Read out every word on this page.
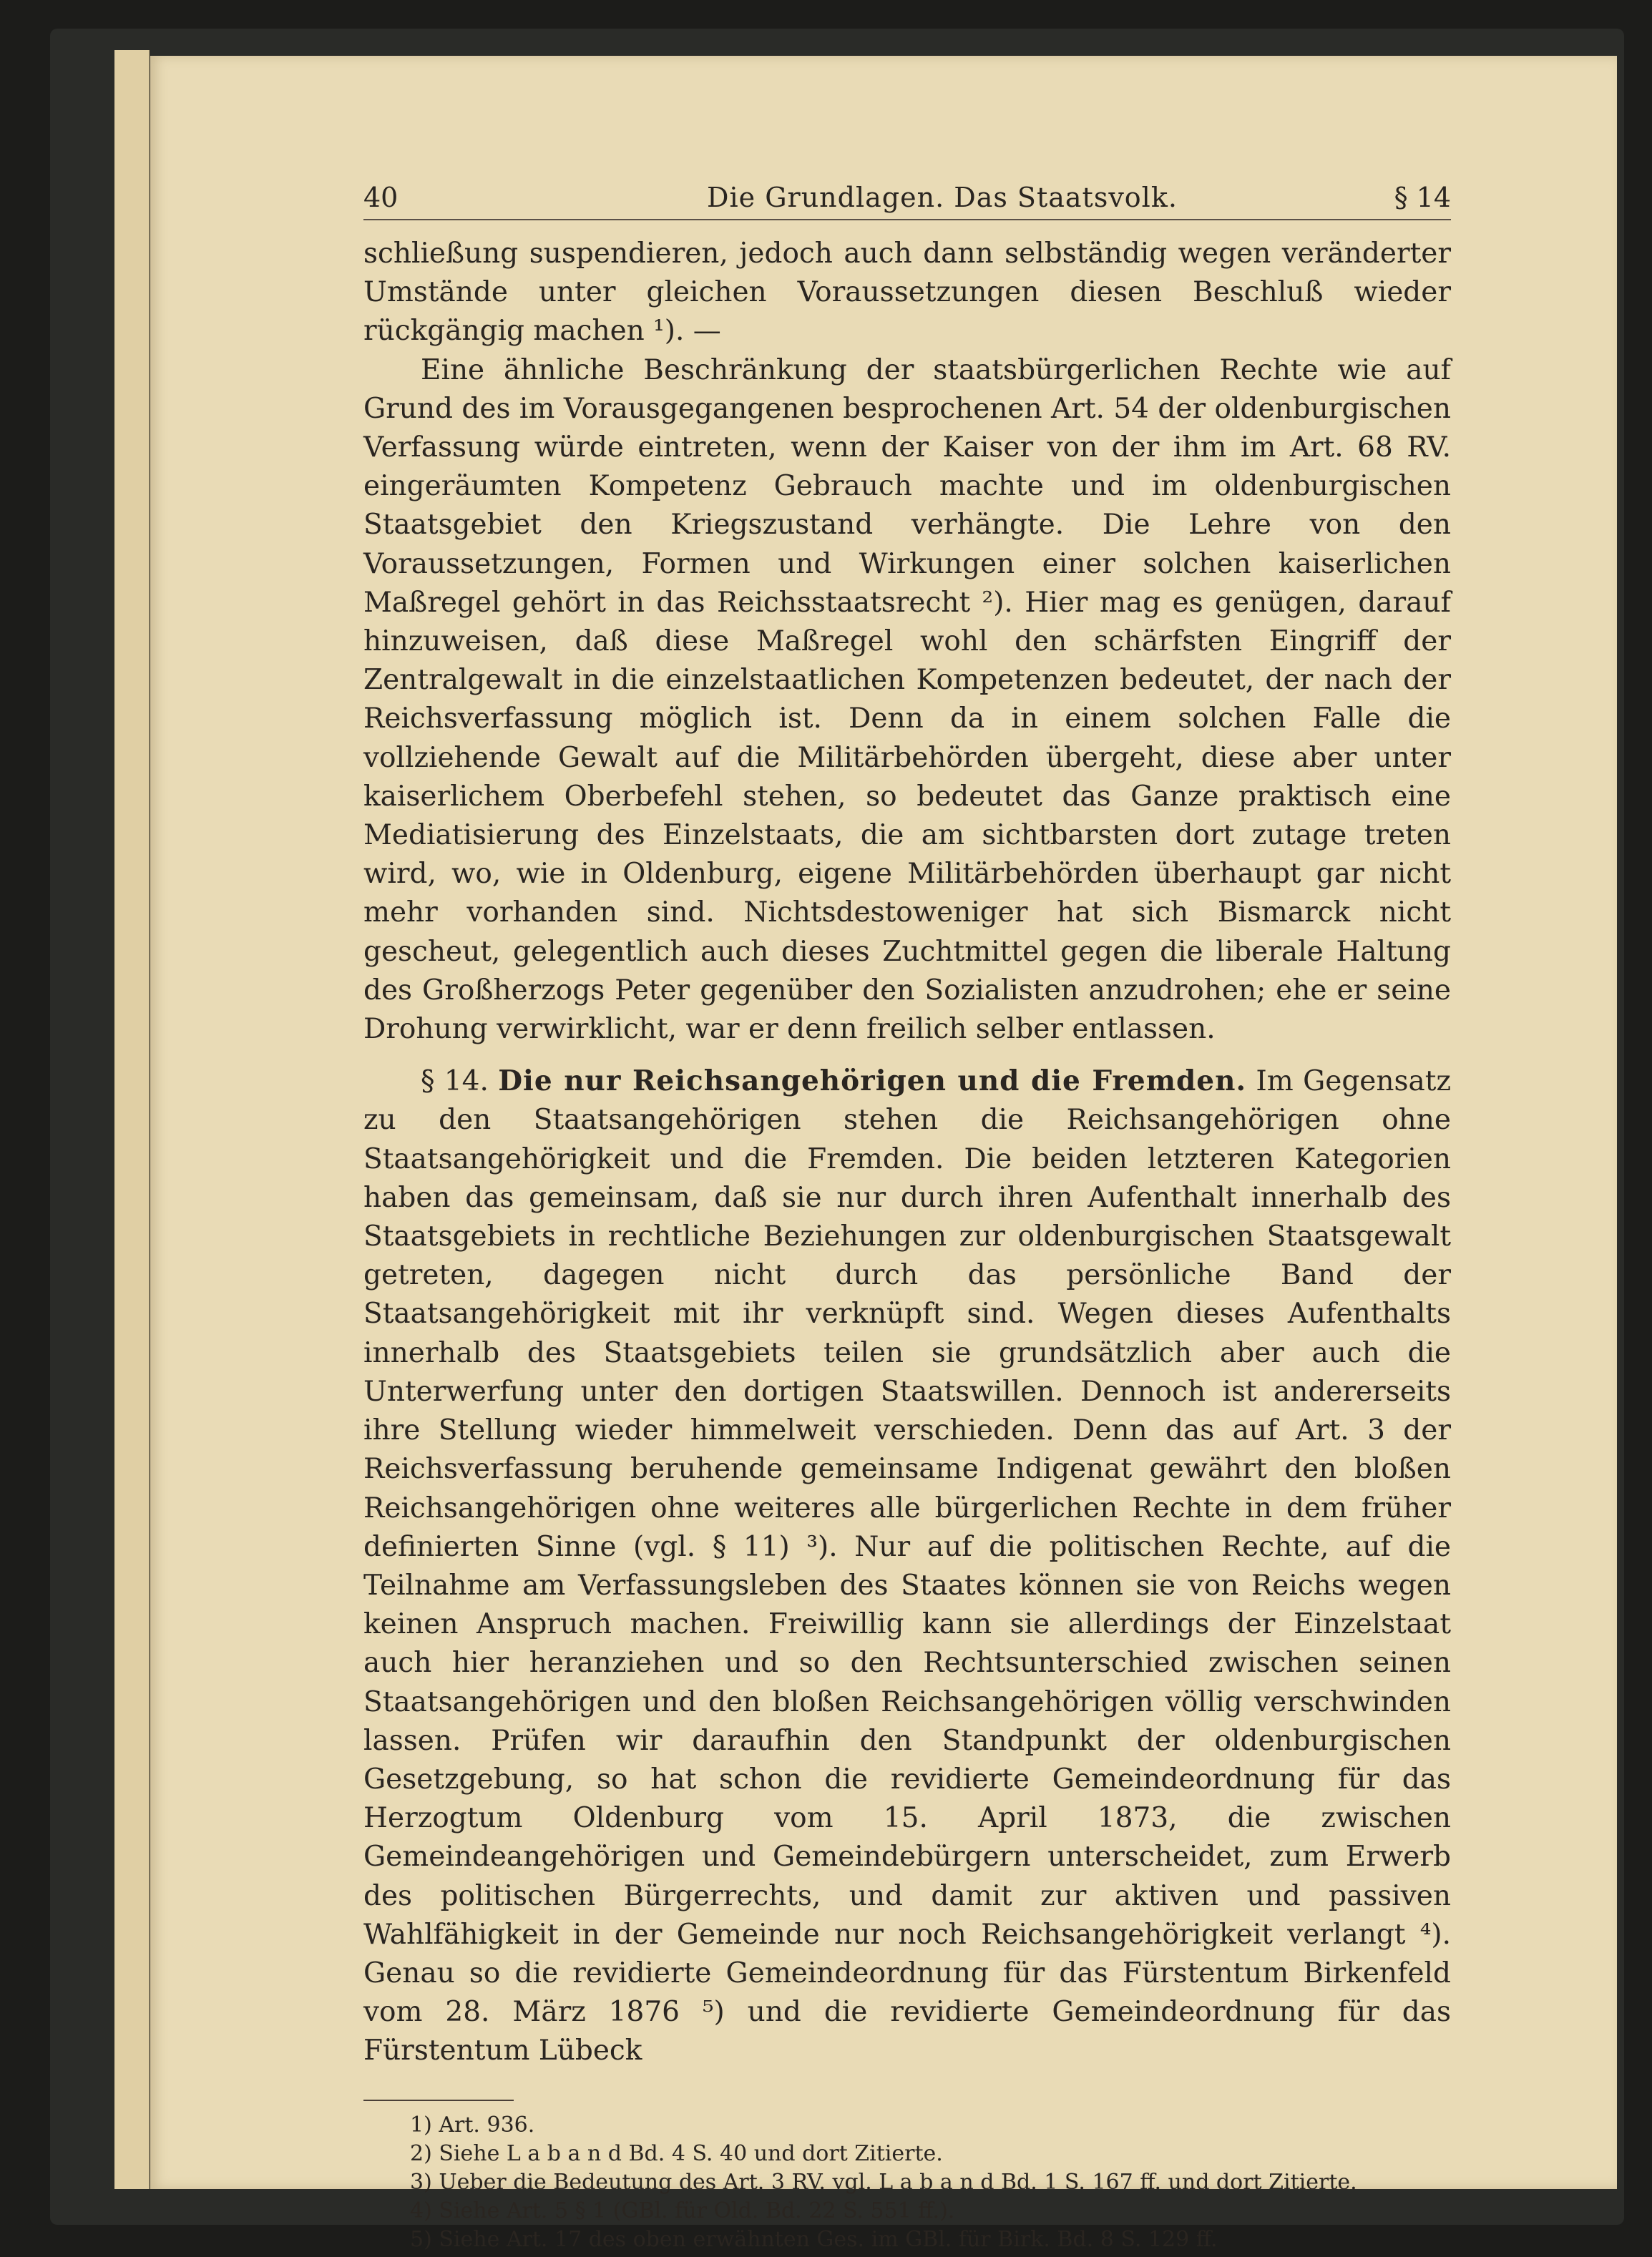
40	Die Grundlagen. Das Staatsvolk.	§ 14

schließung suspendieren, jedoch auch dann selbständig wegen veränderter Umstände unter gleichen Voraussetzungen diesen Beschluß wieder rückgängig machen ¹). —

Eine ähnliche Beschränkung der staatsbürgerlichen Rechte wie auf Grund des im Vorausgegangenen besprochenen Art. 54 der oldenburgischen Verfassung würde eintreten, wenn der Kaiser von der ihm im Art. 68 RV. eingeräumten Kompetenz Gebrauch machte und im oldenburgischen Staatsgebiet den Kriegszustand verhängte. Die Lehre von den Voraussetzungen, Formen und Wirkungen einer solchen kaiserlichen Maßregel gehört in das Reichsstaatsrecht ²). Hier mag es genügen, darauf hinzuweisen, daß diese Maßregel wohl den schärfsten Eingriff der Zentralgewalt in die einzelstaatlichen Kompetenzen bedeutet, der nach der Reichsverfassung möglich ist. Denn da in einem solchen Falle die vollziehende Gewalt auf die Militärbehörden übergeht, diese aber unter kaiserlichem Oberbefehl stehen, so bedeutet das Ganze praktisch eine Mediatisierung des Einzelstaats, die am sichtbarsten dort zutage treten wird, wo, wie in Oldenburg, eigene Militärbehörden überhaupt gar nicht mehr vorhanden sind. Nichtsdestoweniger hat sich Bismarck nicht gescheut, gelegentlich auch dieses Zuchtmittel gegen die liberale Haltung des Großherzogs Peter gegenüber den Sozialisten anzudrohen; ehe er seine Drohung verwirklicht, war er denn freilich selber entlassen.

§ 14. Die nur Reichsangehörigen und die Fremden. Im Gegensatz zu den Staatsangehörigen stehen die Reichsangehörigen ohne Staatsangehörigkeit und die Fremden. Die beiden letzteren Kategorien haben das gemeinsam, daß sie nur durch ihren Aufenthalt innerhalb des Staatsgebiets in rechtliche Beziehungen zur oldenburgischen Staatsgewalt getreten, dagegen nicht durch das persönliche Band der Staatsangehörigkeit mit ihr verknüpft sind. Wegen dieses Aufenthalts innerhalb des Staatsgebiets teilen sie grundsätzlich aber auch die Unterwerfung unter den dortigen Staatswillen. Dennoch ist andererseits ihre Stellung wieder himmelweit verschieden. Denn das auf Art. 3 der Reichsverfassung beruhende gemeinsame Indigenat gewährt den bloßen Reichsangehörigen ohne weiteres alle bürgerlichen Rechte in dem früher definierten Sinne (vgl. § 11) ³). Nur auf die politischen Rechte, auf die Teilnahme am Verfassungsleben des Staates können sie von Reichs wegen keinen Anspruch machen. Freiwillig kann sie allerdings der Einzelstaat auch hier heranziehen und so den Rechtsunterschied zwischen seinen Staatsangehörigen und den bloßen Reichsangehörigen völlig verschwinden lassen. Prüfen wir daraufhin den Standpunkt der oldenburgischen Gesetzgebung, so hat schon die revidierte Gemeindeordnung für das Herzogtum Oldenburg vom 15. April 1873, die zwischen Gemeindeangehörigen und Gemeindebürgern unterscheidet, zum Erwerb des politischen Bürgerrechts, und damit zur aktiven und passiven Wahlfähigkeit in der Gemeinde nur noch Reichsangehörigkeit verlangt ⁴). Genau so die revidierte Gemeindeordnung für das Fürstentum Birkenfeld vom 28. März 1876 ⁵) und die revidierte Gemeindeordnung für das Fürstentum Lübeck

1) Art. 936.
2) Siehe L a b a n d Bd. 4 S. 40 und dort Zitierte.
3) Ueber die Bedeutung des Art. 3 RV. vgl. L a b a n d Bd. 1 S. 167 ff. und dort Zitierte.
4) Siehe Art. 5 § 1 (GBl. für Old. Bd. 22 S. 551 ff.).
5) Siehe Art. 17 des oben erwähnten Ges. im GBl. für Birk. Bd. 8 S. 129 ff.
